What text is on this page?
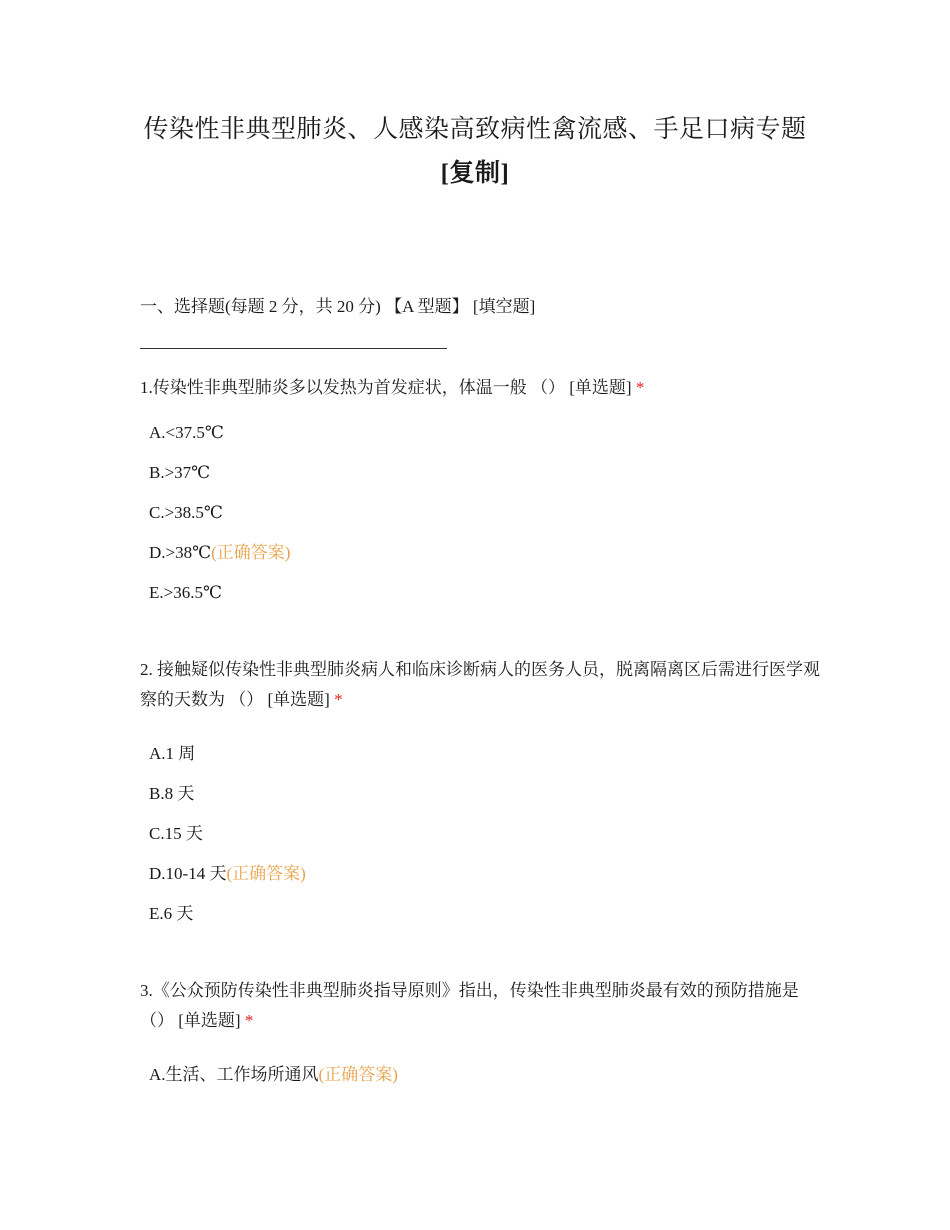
传染性非典型肺炎、人感染高致病性禽流感、手足口病专题
[复制]
一、选择题(每题 2 分，共 20 分) 【A 型题】 [填空题]
1.传染性非典型肺炎多以发热为首发症状，体温一般 （） [单选题] *
A.<37.5℃
B.>37℃
C.>38.5℃
D.>38℃(正确答案)
E.>36.5℃
2. 接触疑似传染性非典型肺炎病人和临床诊断病人的医务人员，脱离隔离区后需进行医学观察的天数为 （） [单选题] *
A.1 周
B.8 天
C.15 天
D.10-14 天(正确答案)
E.6 天
3.《公众预防传染性非典型肺炎指导原则》指出，传染性非典型肺炎最有效的预防措施是 （） [单选题] *
A.生活、工作场所通风(正确答案)
